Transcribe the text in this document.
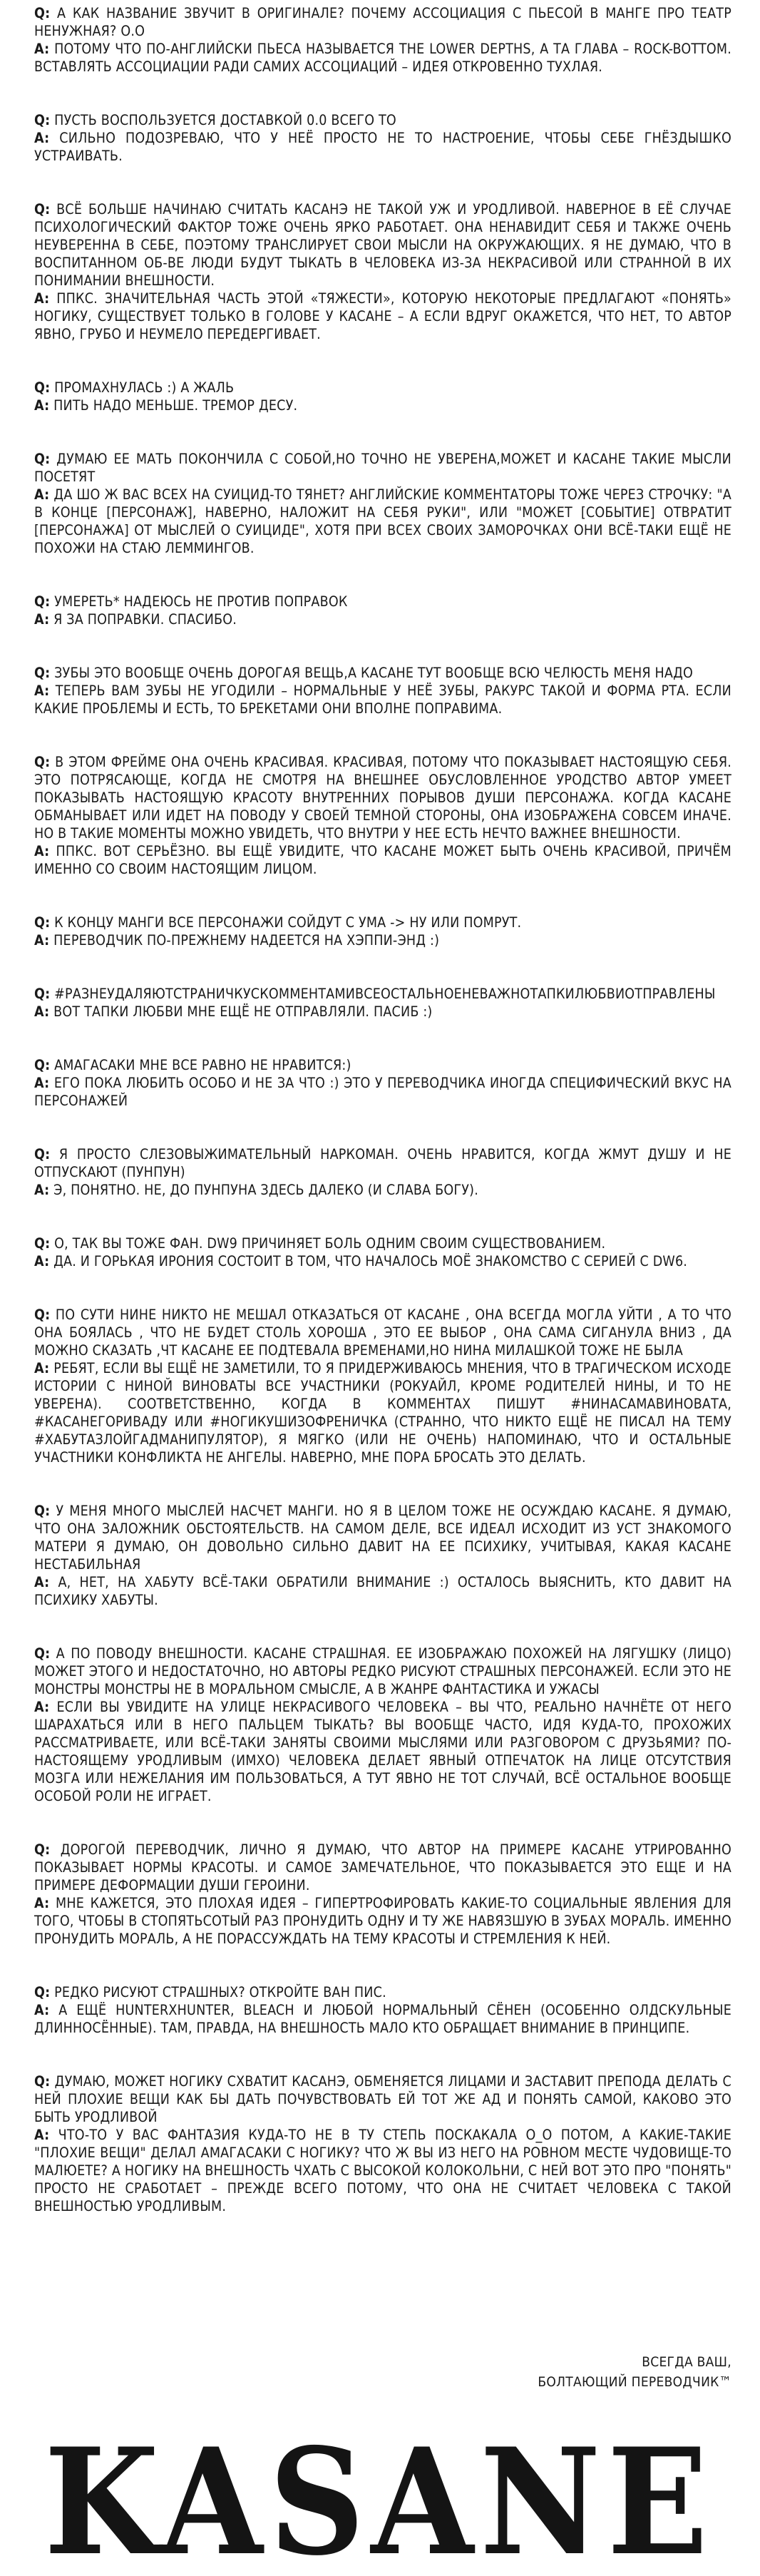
Q: А КАК НАЗВАНИЕ ЗВУЧИТ В ОРИГИНАЛЕ? ПОЧЕМУ АССОЦИАЦИЯ С ПЬЕСОЙ В МАНГЕ ПРО ТЕАТР НЕНУЖНАЯ? О.О

A: ПОТОМУ ЧТО ПО-АНГЛИЙСКИ ПЬЕСА НАЗЫВАЕТСЯ THE LOWER DEPTHS, А ТА ГЛАВА – ROCK-BOTTOM. ВСТАВЛЯТЬ АССОЦИАЦИИ РАДИ САМИХ АССОЦИАЦИЙ – ИДЕЯ ОТКРОВЕННО ТУХЛАЯ.

Q: ПУСТЬ ВОСПОЛЬЗУЕТСЯ ДОСТАВКОЙ 0.0 ВСЕГО ТО

A: СИЛЬНО ПОДОЗРЕВАЮ, ЧТО У НЕЁ ПРОСТО НЕ ТО НАСТРОЕНИЕ, ЧТОБЫ СЕБЕ ГНЁЗДЫШКО УСТРАИВАТЬ.

Q: ВСЁ БОЛЬШЕ НАЧИНАЮ СЧИТАТЬ КАСАНЭ НЕ ТАКОЙ УЖ И УРОДЛИВОЙ. НАВЕРНОЕ В ЕЁ СЛУЧАЕ ПСИХОЛОГИЧЕСКИЙ ФАКТОР ТОЖЕ ОЧЕНЬ ЯРКО РАБОТАЕТ. ОНА НЕНАВИДИТ СЕБЯ И ТАКЖЕ ОЧЕНЬ НЕУВЕРЕННА В СЕБЕ, ПОЭТОМУ ТРАНСЛИРУЕТ СВОИ МЫСЛИ НА ОКРУЖАЮЩИХ. Я НЕ ДУМАЮ, ЧТО В ВОСПИТАННОМ ОБ-ВЕ ЛЮДИ БУДУТ ТЫКАТЬ В ЧЕЛОВЕКА ИЗ-ЗА НЕКРАСИВОЙ ИЛИ СТРАННОЙ В ИХ ПОНИМАНИИ ВНЕШНОСТИ.

A: ППКС. ЗНАЧИТЕЛЬНАЯ ЧАСТЬ ЭТОЙ «ТЯЖЕСТИ», КОТОРУЮ НЕКОТОРЫЕ ПРЕДЛАГАЮТ «ПОНЯТЬ» НОГИКУ, СУЩЕСТВУЕТ ТОЛЬКО В ГОЛОВЕ У КАСАНЕ – А ЕСЛИ ВДРУГ ОКАЖЕТСЯ, ЧТО НЕТ, ТО АВТОР ЯВНО, ГРУБО И НЕУМЕЛО ПЕРЕДЕРГИВАЕТ.

Q: ПРОМАХНУЛАСЬ :) А ЖАЛЬ

A: ПИТЬ НАДО МЕНЬШЕ. ТРЕМОР ДЕСУ.

Q: ДУМАЮ ЕЕ МАТЬ ПОКОНЧИЛА С СОБОЙ,НО ТОЧНО НЕ УВЕРЕНА,МОЖЕТ И КАСАНЕ ТАКИЕ МЫСЛИ ПОСЕТЯТ

A: ДА ШО Ж ВАС ВСЕХ НА СУИЦИД-ТО ТЯНЕТ? АНГЛИЙСКИЕ КОММЕНТАТОРЫ ТОЖЕ ЧЕРЕЗ СТРОЧКУ: "А В КОНЦЕ [ПЕРСОНАЖ], НАВЕРНО, НАЛОЖИТ НА СЕБЯ РУКИ", ИЛИ "МОЖЕТ [СОБЫТИЕ] ОТВРАТИТ [ПЕРСОНАЖА] ОТ МЫСЛЕЙ О СУИЦИДЕ", ХОТЯ ПРИ ВСЕХ СВОИХ ЗАМОРОЧКАХ ОНИ ВСЁ-ТАКИ ЕЩЁ НЕ ПОХОЖИ НА СТАЮ ЛЕММИНГОВ.

Q: УМЕРЕТЬ* НАДЕЮСЬ НЕ ПРОТИВ ПОПРАВОК

A: Я ЗА ПОПРАВКИ. СПАСИБО.

Q: ЗУБЫ ЭТО ВООБЩЕ ОЧЕНЬ ДОРОГАЯ ВЕЩЬ,А КАСАНЕ ТУТ ВООБЩЕ ВСЮ ЧЕЛЮСТЬ МЕНЯ НАДО

A: ТЕПЕРЬ ВАМ ЗУБЫ НЕ УГОДИЛИ – НОРМАЛЬНЫЕ У НЕЁ ЗУБЫ, РАКУРС ТАКОЙ И ФОРМА РТА. ЕСЛИ КАКИЕ ПРОБЛЕМЫ И ЕСТЬ, ТО БРЕКЕТАМИ ОНИ ВПОЛНЕ ПОПРАВИМА.

Q: В ЭТОМ ФРЕЙМЕ ОНА ОЧЕНЬ КРАСИВАЯ. КРАСИВАЯ, ПОТОМУ ЧТО ПОКАЗЫВАЕТ НАСТОЯЩУЮ СЕБЯ. ЭТО ПОТРЯСАЮЩЕ, КОГДА НЕ СМОТРЯ НА ВНЕШНЕЕ ОБУСЛОВЛЕННОЕ УРОДСТВО АВТОР УМЕЕТ ПОКАЗЫВАТЬ НАСТОЯЩУЮ КРАСОТУ ВНУТРЕННИХ ПОРЫВОВ ДУШИ ПЕРСОНАЖА. КОГДА КАСАНЕ ОБМАНЫВАЕТ ИЛИ ИДЕТ НА ПОВОДУ У СВОЕЙ ТЕМНОЙ СТОРОНЫ, ОНА ИЗОБРАЖЕНА СОВСЕМ ИНАЧЕ. НО В ТАКИЕ МОМЕНТЫ МОЖНО УВИДЕТЬ, ЧТО ВНУТРИ У НЕЕ ЕСТЬ НЕЧТО ВАЖНЕЕ ВНЕШНОСТИ.

A: ППКС. ВОТ СЕРЬЁЗНО. ВЫ ЕЩЁ УВИДИТЕ, ЧТО КАСАНЕ МОЖЕТ БЫТЬ ОЧЕНЬ КРАСИВОЙ, ПРИЧЁМ ИМЕННО СО СВОИМ НАСТОЯЩИМ ЛИЦОМ.

Q: К КОНЦУ МАНГИ ВСЕ ПЕРСОНАЖИ СОЙДУТ С УМА -> НУ ИЛИ ПОМРУТ.

A: ПЕРЕВОДЧИК ПО-ПРЕЖНЕМУ НАДЕЕТСЯ НА ХЭППИ-ЭНД :)

Q: #РАЗНЕУДАЛЯЮТСТРАНИЧКУСКОММЕНТАМИВСЕОСТАЛЬНОЕНЕВАЖНОТАПКИЛЮБВИОТПРАВЛЕНЫ

A: ВОТ ТАПКИ ЛЮБВИ МНЕ ЕЩЁ НЕ ОТПРАВЛЯЛИ. ПАСИБ :)

Q: АМАГАСАКИ МНЕ ВСЕ РАВНО НЕ НРАВИТСЯ:)

A: ЕГО ПОКА ЛЮБИТЬ ОСОБО И НЕ ЗА ЧТО :) ЭТО У ПЕРЕВОДЧИКА ИНОГДА СПЕЦИФИЧЕСКИЙ ВКУС НА ПЕРСОНАЖЕЙ

Q: Я ПРОСТО СЛЕЗОВЫЖИМАТЕЛЬНЫЙ НАРКОМАН. ОЧЕНЬ НРАВИТСЯ, КОГДА ЖМУТ ДУШУ И НЕ ОТПУСКАЮТ (ПУНПУН)

A: Э, ПОНЯТНО. НЕ, ДО ПУНПУНА ЗДЕСЬ ДАЛЕКО (И СЛАВА БОГУ).

Q: О, ТАК ВЫ ТОЖЕ ФАН. DW9 ПРИЧИНЯЕТ БОЛЬ ОДНИМ СВОИМ СУЩЕСТВОВАНИЕМ.

A: ДА. И ГОРЬКАЯ ИРОНИЯ СОСТОИТ В ТОМ, ЧТО НАЧАЛОСЬ МОЁ ЗНАКОМСТВО С СЕРИЕЙ С DW6.

Q: ПО СУТИ НИНЕ НИКТО НЕ МЕШАЛ ОТКАЗАТЬСЯ ОТ КАСАНЕ , ОНА ВСЕГДА МОГЛА УЙТИ , А ТО ЧТО ОНА БОЯЛАСЬ , ЧТО НЕ БУДЕТ СТОЛЬ ХОРОША , ЭТО ЕЕ ВЫБОР , ОНА САМА СИГАНУЛА ВНИЗ , ДА МОЖНО СКАЗАТЬ ,ЧТ КАСАНЕ ЕЕ ПОДТЕВАЛА ВРЕМЕНАМИ,НО НИНА МИЛАШКОЙ ТОЖЕ НЕ БЫЛА

A: РЕБЯТ, ЕСЛИ ВЫ ЕЩЁ НЕ ЗАМЕТИЛИ, ТО Я ПРИДЕРЖИВАЮСЬ МНЕНИЯ, ЧТО В ТРАГИЧЕСКОМ ИСХОДЕ ИСТОРИИ С НИНОЙ ВИНОВАТЫ ВСЕ УЧАСТНИКИ (РОКУАЙЛ, КРОМЕ РОДИТЕЛЕЙ НИНЫ, И ТО НЕ УВЕРЕНА). СООТВЕТСТВЕННО, КОГДА В КОММЕНТАХ ПИШУТ #НИНАСАМАВИНОВАТА, #КАСАНЕГОРИВАДУ ИЛИ #НОГИКУШИЗОФРЕНИЧКА (СТРАННО, ЧТО НИКТО ЕЩЁ НЕ ПИСАЛ НА ТЕМУ #ХАБУТАЗЛОЙГАДМАНИПУЛЯТОР), Я МЯГКО (ИЛИ НЕ ОЧЕНЬ) НАПОМИНАЮ, ЧТО И ОСТАЛЬНЫЕ УЧАСТНИКИ КОНФЛИКТА НЕ АНГЕЛЫ. НАВЕРНО, МНЕ ПОРА БРОСАТЬ ЭТО ДЕЛАТЬ.

Q: У МЕНЯ МНОГО МЫСЛЕЙ НАСЧЕТ МАНГИ. НО Я В ЦЕЛОМ ТОЖЕ НЕ ОСУЖДАЮ КАСАНЕ. Я ДУМАЮ, ЧТО ОНА ЗАЛОЖНИК ОБСТОЯТЕЛЬСТВ. НА САМОМ ДЕЛЕ, ВСЕ ИДЕАЛ ИСХОДИТ ИЗ УСТ ЗНАКОМОГО МАТЕРИ Я ДУМАЮ, ОН ДОВОЛЬНО СИЛЬНО ДАВИТ НА ЕЕ ПСИХИКУ, УЧИТЫВАЯ, КАКАЯ КАСАНЕ НЕСТАБИЛЬНАЯ

A: А, НЕТ, НА ХАБУТУ ВСЁ-ТАКИ ОБРАТИЛИ ВНИМАНИЕ :) ОСТАЛОСЬ ВЫЯСНИТЬ, КТО ДАВИТ НА ПСИХИКУ ХАБУТЫ.

Q: А ПО ПОВОДУ ВНЕШНОСТИ. КАСАНЕ СТРАШНАЯ. ЕЕ ИЗОБРАЖАЮ ПОХОЖЕЙ НА ЛЯГУШКУ (ЛИЦО) МОЖЕТ ЭТОГО И НЕДОСТАТОЧНО, НО АВТОРЫ РЕДКО РИСУЮТ СТРАШНЫХ ПЕРСОНАЖЕЙ. ЕСЛИ ЭТО НЕ МОНСТРЫ МОНСТРЫ НЕ В МОРАЛЬНОМ СМЫСЛЕ, А В ЖАНРЕ ФАНТАСТИКА И УЖАСЫ

A: ЕСЛИ ВЫ УВИДИТЕ НА УЛИЦЕ НЕКРАСИВОГО ЧЕЛОВЕКА – ВЫ ЧТО, РЕАЛЬНО НАЧНЁТЕ ОТ НЕГО ШАРАХАТЬСЯ ИЛИ В НЕГО ПАЛЬЦЕМ ТЫКАТЬ? ВЫ ВООБЩЕ ЧАСТО, ИДЯ КУДА-ТО, ПРОХОЖИХ РАССМАТРИВАЕТЕ, ИЛИ ВСЁ-ТАКИ ЗАНЯТЫ СВОИМИ МЫСЛЯМИ ИЛИ РАЗГОВОРОМ С ДРУЗЬЯМИ? ПО-НАСТОЯЩЕМУ УРОДЛИВЫМ (ИМХО) ЧЕЛОВЕКА ДЕЛАЕТ ЯВНЫЙ ОТПЕЧАТОК НА ЛИЦЕ ОТСУТСТВИЯ МОЗГА ИЛИ НЕЖЕЛАНИЯ ИМ ПОЛЬЗОВАТЬСЯ, А ТУТ ЯВНО НЕ ТОТ СЛУЧАЙ, ВСЁ ОСТАЛЬНОЕ ВООБЩЕ ОСОБОЙ РОЛИ НЕ ИГРАЕТ.

Q: ДОРОГОЙ ПЕРЕВОДЧИК, ЛИЧНО Я ДУМАЮ, ЧТО АВТОР НА ПРИМЕРЕ КАСАНЕ УТРИРОВАННО ПОКАЗЫВАЕТ НОРМЫ КРАСОТЫ. И САМОЕ ЗАМЕЧАТЕЛЬНОЕ, ЧТО ПОКАЗЫВАЕТСЯ ЭТО ЕЩЕ И НА ПРИМЕРЕ ДЕФОРМАЦИИ ДУШИ ГЕРОИНИ.

A: МНЕ КАЖЕТСЯ, ЭТО ПЛОХАЯ ИДЕЯ – ГИПЕРТРОФИРОВАТЬ КАКИЕ-ТО СОЦИАЛЬНЫЕ ЯВЛЕНИЯ ДЛЯ ТОГО, ЧТОБЫ В СТОПЯТЬСОТЫЙ РАЗ ПРОНУДИТЬ ОДНУ И ТУ ЖЕ НАВЯЗШУЮ В ЗУБАХ МОРАЛЬ. ИМЕННО ПРОНУДИТЬ МОРАЛЬ, А НЕ ПОРАССУЖДАТЬ НА ТЕМУ КРАСОТЫ И СТРЕМЛЕНИЯ К НЕЙ.

Q: РЕДКО РИСУЮТ СТРАШНЫХ? ОТКРОЙТЕ ВАН ПИС.

A: А ЕЩЁ HUNTERXHUNTER, BLEACH И ЛЮБОЙ НОРМАЛЬНЫЙ СЁНЕН (ОСОБЕННО ОЛДСКУЛЬНЫЕ ДЛИННОСЁННЫЕ). ТАМ, ПРАВДА, НА ВНЕШНОСТЬ МАЛО КТО ОБРАЩАЕТ ВНИМАНИЕ В ПРИНЦИПЕ.

Q: ДУМАЮ, МОЖЕТ НОГИКУ СХВАТИТ КАСАНЭ, ОБМЕНЯЕТСЯ ЛИЦАМИ И ЗАСТАВИТ ПРЕПОДА ДЕЛАТЬ С НЕЙ ПЛОХИЕ ВЕЩИ КАК БЫ ДАТЬ ПОЧУВСТВОВАТЬ ЕЙ ТОТ ЖЕ АД И ПОНЯТЬ САМОЙ, КАКОВО ЭТО БЫТЬ УРОДЛИВОЙ

A: ЧТО-ТО У ВАС ФАНТАЗИЯ КУДА-ТО НЕ В ТУ СТЕПЬ ПОСКАКАЛА О_О ПОТОМ, А КАКИЕ-ТАКИЕ "ПЛОХИЕ ВЕЩИ" ДЕЛАЛ АМАГАСАКИ С НОГИКУ? ЧТО Ж ВЫ ИЗ НЕГО НА РОВНОМ МЕСТЕ ЧУДОВИЩЕ-ТО МАЛЮЕТЕ? А НОГИКУ НА ВНЕШНОСТЬ ЧХАТЬ С ВЫСОКОЙ КОЛОКОЛЬНИ, С НЕЙ ВОТ ЭТО ПРО "ПОНЯТЬ" ПРОСТО НЕ СРАБОТАЕТ – ПРЕЖДЕ ВСЕГО ПОТОМУ, ЧТО ОНА НЕ СЧИТАЕТ ЧЕЛОВЕКА С ТАКОЙ ВНЕШНОСТЬЮ УРОДЛИВЫМ.

ВСЕГДА ВАШ,
БОЛТАЮЩИЙ ПЕРЕВОДЧИК™
KASANE
